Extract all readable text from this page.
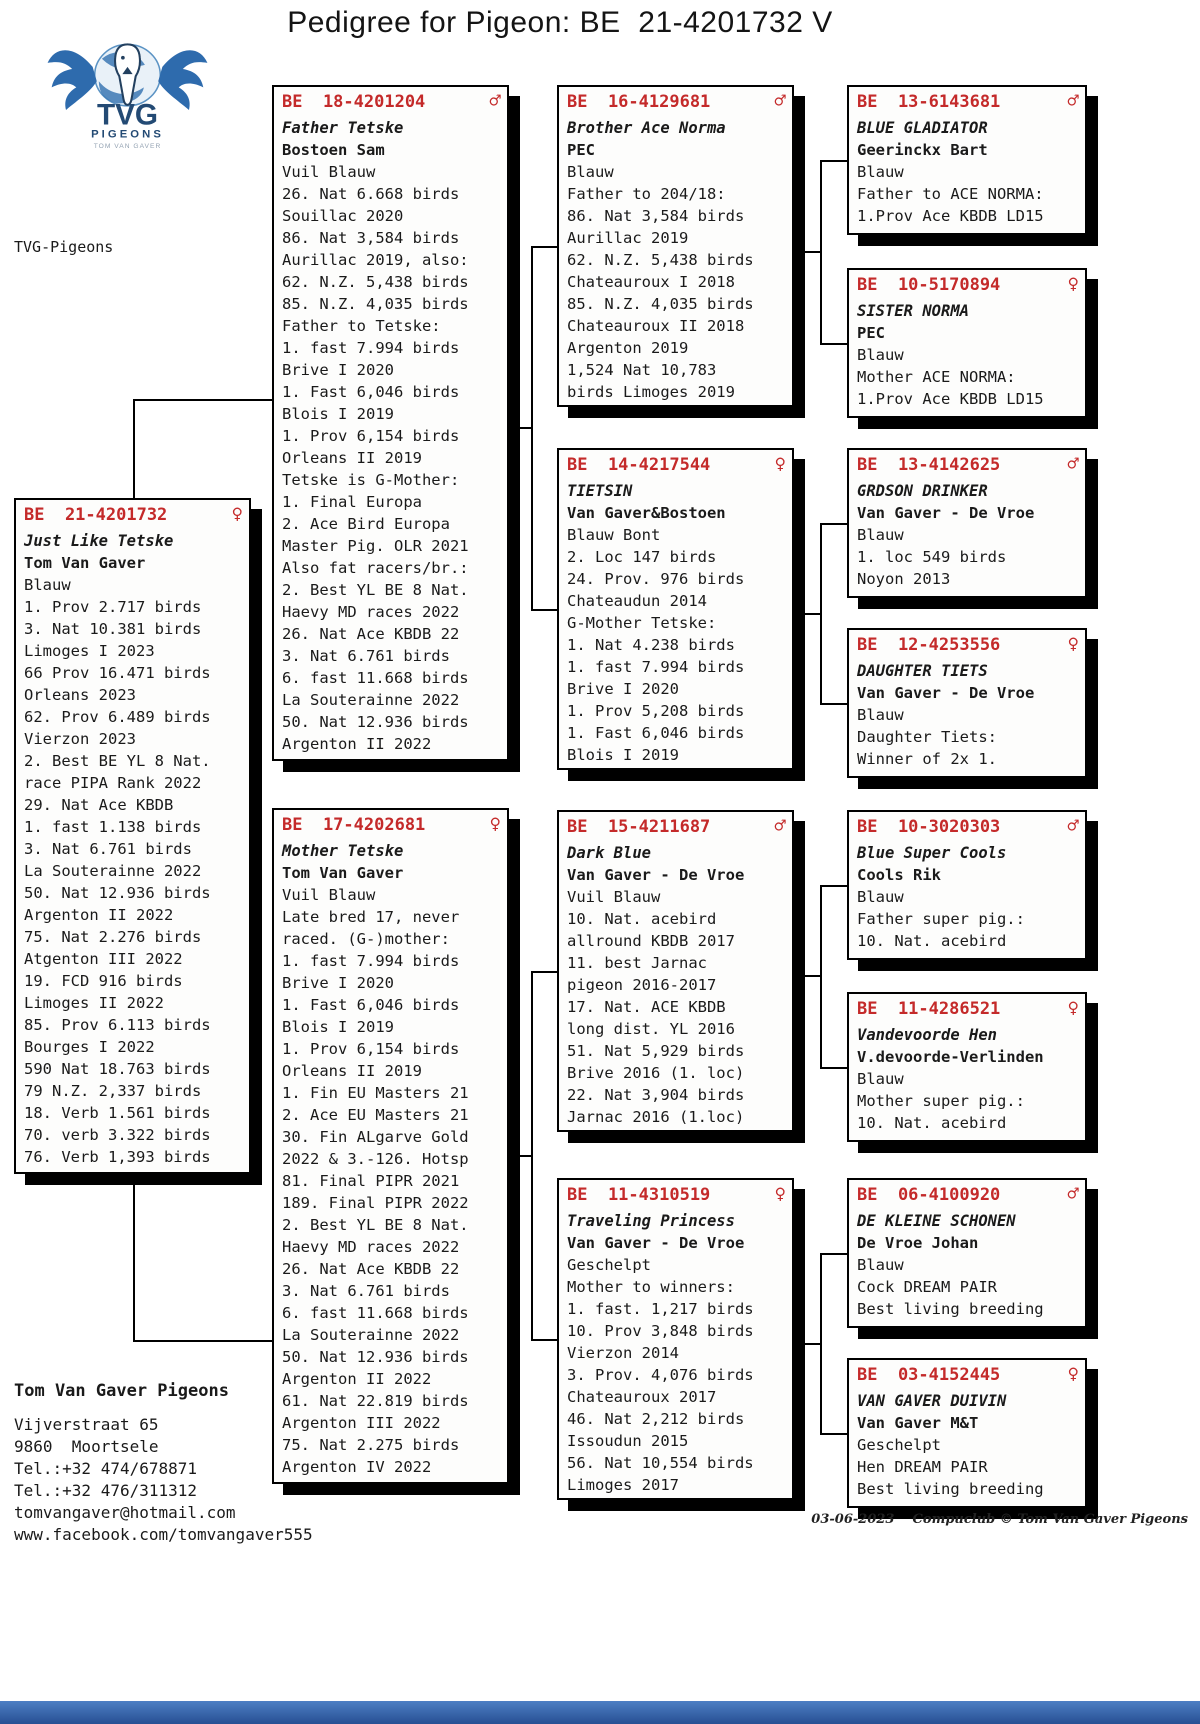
Pedigree for Pigeon: BE  21-4201732 V
TVG
PIGEONS
TOM VAN GAVER
TVG-Pigeons
BE  21-4201732	♀
Just Like Tetske
Tom Van Gaver
Blauw
1. Prov 2.717 birds
3. Nat 10.381 birds
Limoges I 2023
66 Prov 16.471 birds
Orleans 2023
62. Prov 6.489 birds
Vierzon 2023
2. Best BE YL 8 Nat.
race PIPA Rank 2022
29. Nat Ace KBDB
1. fast 1.138 birds
3. Nat 6.761 birds
La Souterainne 2022
50. Nat 12.936 birds
Argenton II 2022
75. Nat 2.276 birds
Atgenton III 2022
19. FCD 916 birds
Limoges II 2022
85. Prov 6.113 birds
Bourges I 2022
590 Nat 18.763 birds
79 N.Z. 2,337 birds
18. Verb 1.561 birds
70. verb 3.322 birds
76. Verb 1,393 birds
BE  18-4201204	♂
Father Tetske
Bostoen Sam
Vuil Blauw
26. Nat 6.668 birds
Souillac 2020
86. Nat 3,584 birds
Aurillac 2019, also:
62. N.Z. 5,438 birds
85. N.Z. 4,035 birds
Father to Tetske:
1. fast 7.994 birds
Brive I 2020
1. Fast 6,046 birds
Blois I 2019
1. Prov 6,154 birds
Orleans II 2019
Tetske is G-Mother:
1. Final Europa
2. Ace Bird Europa
Master Pig. OLR 2021
Also fat racers/br.:
2. Best YL BE 8 Nat.
Haevy MD races 2022
26. Nat Ace KBDB 22
3. Nat 6.761 birds
6. fast 11.668 birds
La Souterainne 2022
50. Nat 12.936 birds
Argenton II 2022
BE  17-4202681	♀
Mother Tetske
Tom Van Gaver
Vuil Blauw
Late bred 17, never
raced. (G-)mother:
1. fast 7.994 birds
Brive I 2020
1. Fast 6,046 birds
Blois I 2019
1. Prov 6,154 birds
Orleans II 2019
1. Fin EU Masters 21
2. Ace EU Masters 21
30. Fin ALgarve Gold
2022 & 3.-126. Hotsp
81. Final PIPR 2021
189. Final PIPR 2022
2. Best YL BE 8 Nat.
Haevy MD races 2022
26. Nat Ace KBDB 22
3. Nat 6.761 birds
6. fast 11.668 birds
La Souterainne 2022
50. Nat 12.936 birds
Argenton II 2022
61. Nat 22.819 birds
Argenton III 2022
75. Nat 2.275 birds
Argenton IV 2022
BE  16-4129681	♂
Brother Ace Norma
PEC
Blauw
Father to 204/18:
86. Nat 3,584 birds
Aurillac 2019
62. N.Z. 5,438 birds
Chateauroux I 2018
85. N.Z. 4,035 birds
Chateauroux II 2018
Argenton 2019
1,524 Nat 10,783
birds Limoges 2019
BE  14-4217544	♀
TIETSIN
Van Gaver&Bostoen
Blauw Bont
2. Loc 147 birds
24. Prov. 976 birds
Chateaudun 2014
G-Mother Tetske:
1. Nat 4.238 birds
1. fast 7.994 birds
Brive I 2020
1. Prov 5,208 birds
1. Fast 6,046 birds
Blois I 2019
BE  15-4211687	♂
Dark Blue
Van Gaver - De Vroe
Vuil Blauw
10. Nat. acebird
allround KBDB 2017
11. best Jarnac
pigeon 2016-2017
17. Nat. ACE KBDB
long dist. YL 2016
51. Nat 5,929 birds
Brive 2016 (1. loc)
22. Nat 3,904 birds
Jarnac 2016 (1.loc)
BE  11-4310519	♀
Traveling Princess
Van Gaver - De Vroe
Geschelpt
Mother to winners:
1. fast. 1,217 birds
10. Prov 3,848 birds
Vierzon 2014
3. Prov. 4,076 birds
Chateauroux 2017
46. Nat 2,212 birds
Issoudun 2015
56. Nat 10,554 birds
Limoges 2017
BE  13-6143681	♂
BLUE GLADIATOR
Geerinckx Bart
Blauw
Father to ACE NORMA:
1.Prov Ace KBDB LD15
BE  10-5170894	♀
SISTER NORMA
PEC
Blauw
Mother ACE NORMA:
1.Prov Ace KBDB LD15
BE  13-4142625	♂
GRDSON DRINKER
Van Gaver - De Vroe
Blauw
1. loc 549 birds
Noyon 2013
BE  12-4253556	♀
DAUGHTER TIETS
Van Gaver - De Vroe
Blauw
Daughter Tiets:
Winner of 2x 1.
BE  10-3020303	♂
Blue Super Cools
Cools Rik
Blauw
Father super pig.:
10. Nat. acebird
BE  11-4286521	♀
Vandevoorde Hen
V.devoorde-Verlinden
Blauw
Mother super pig.:
10. Nat. acebird
BE  06-4100920	♂
DE KLEINE SCHONEN
De Vroe Johan
Blauw
Cock DREAM PAIR
Best living breeding
BE  03-4152445	♀
VAN GAVER DUIVIN
Van Gaver M&T
Geschelpt
Hen DREAM PAIR
Best living breeding
Tom Van Gaver Pigeons
Vijverstraat 65
9860  Moortsele
Tel.:+32 474/678871
Tel.:+32 476/311312
tomvangaver@hotmail.com
www.facebook.com/tomvangaver555
03-06-2023    Compuclub © Tom Van Gaver Pigeons
